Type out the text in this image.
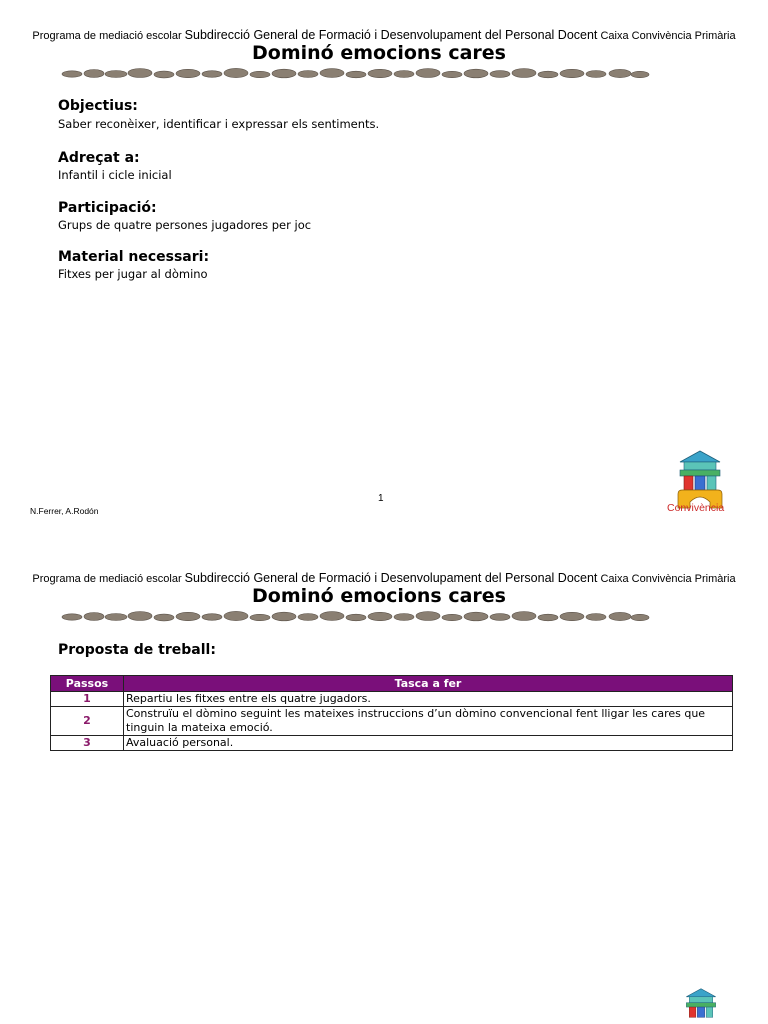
Programa de mediació escolar Subdirecció General de Formació i Desenvolupament del Personal Docent Caixa Convivència Primària
Dominó emocions cares
Objectius:
Saber reconèixer, identificar i expressar els sentiments.
Adreçat a:
Infantil i cicle inicial
Participació:
Grups de quatre persones jugadores per joc
Material necessari:
Fitxes per jugar al dòmino
1
N.Ferrer, A.Rodón	Convivència
Programa de mediació escolar Subdirecció General de Formació i Desenvolupament del Personal Docent Caixa Convivència Primària
Dominó emocions cares
Proposta de treball:
Passos	Tasca a fer
1	Repartiu les fitxes entre els quatre jugadors.
2	Construïu el dòmino seguint les mateixes instruccions d’un dòmino convencional fent lligar les cares que tinguin la mateixa emoció.
3	Avaluació personal.
